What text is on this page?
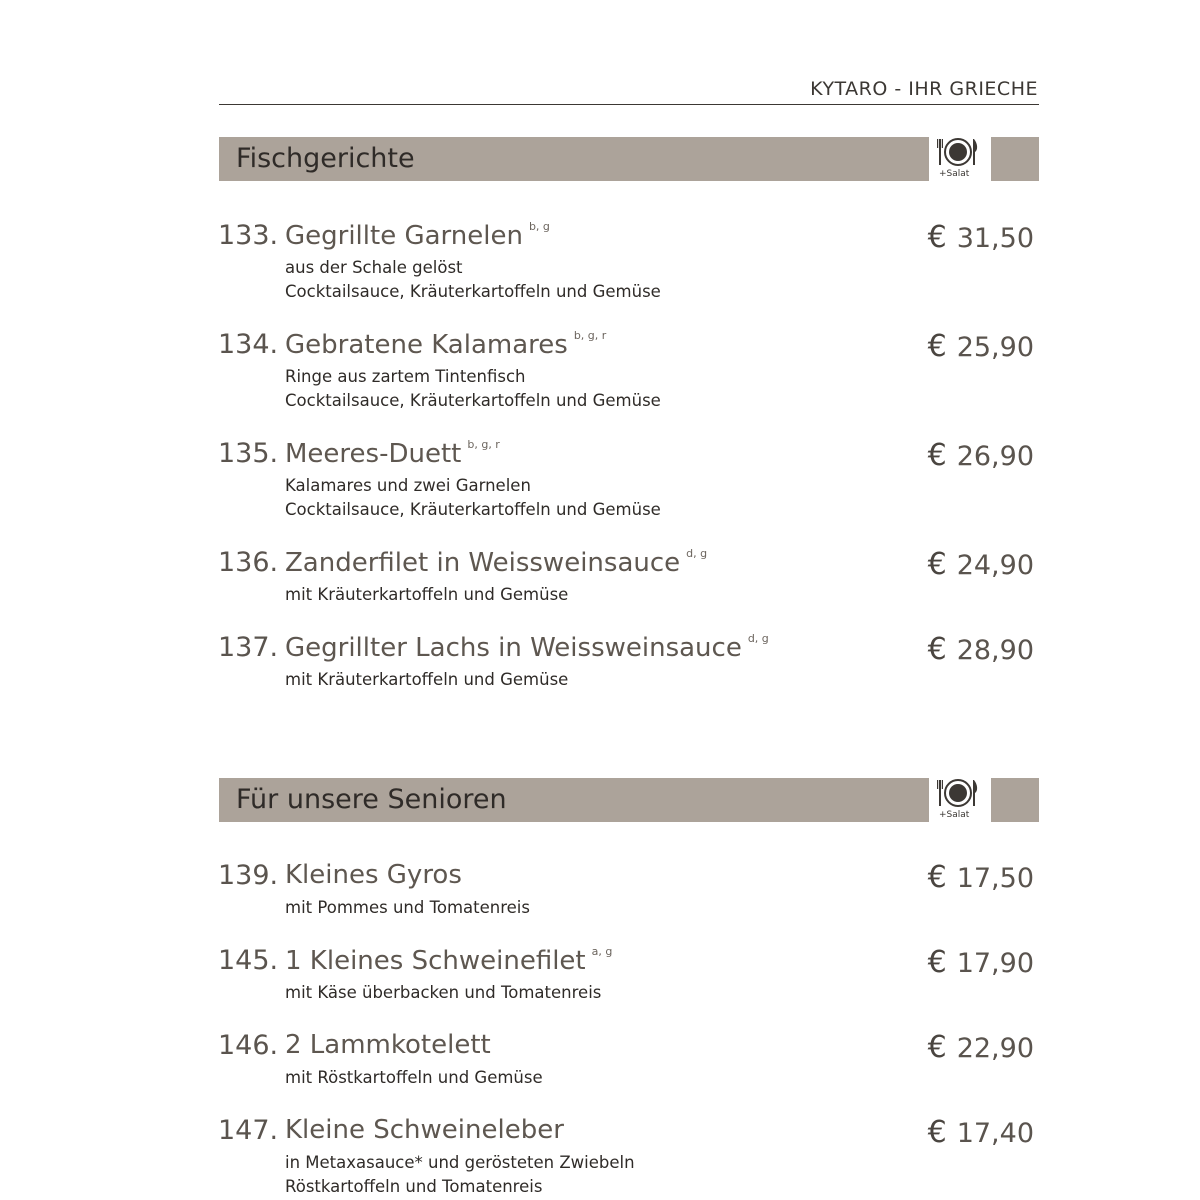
KYTARO - IHR GRIECHE
Fischgerichte	+Salat
133. Gegrillte Garnelen $^{b, g}$
aus der Schale gelöst
Cocktailsauce, Kräuterkartoffeln und Gemüse
€ 31,50
134. Gebratene Kalamares $^{b, g, r}$
Ringe aus zartem Tintenfisch
Cocktailsauce, Kräuterkartoffeln und Gemüse
€ 25,90
135. Meeres-Duett $^{b, g, r}$
Kalamares und zwei Garnelen
Cocktailsauce, Kräuterkartoffeln und Gemüse
€ 26,90
136. Zanderfilet in Weissweinsauce $^{d, g}$
mit Kräuterkartoffeln und Gemüse
€ 24,90
137. Gegrillter Lachs in Weissweinsauce $^{d, g}$
mit Kräuterkartoffeln und Gemüse
€ 28,90
Für unsere Senioren	+Salat
139. Kleines Gyros
mit Pommes und Tomatenreis
€ 17,50
145. 1 Kleines Schweinefilet $^{a, g}$
mit Käse überbacken und Tomatenreis
€ 17,90
146. 2 Lammkotelett
mit Röstkartoffeln und Gemüse
€ 22,90
147. Kleine Schweineleber
in Metaxasauce* und gerösteten Zwiebeln
Röstkartoffeln und Tomatenreis
€ 17,40
